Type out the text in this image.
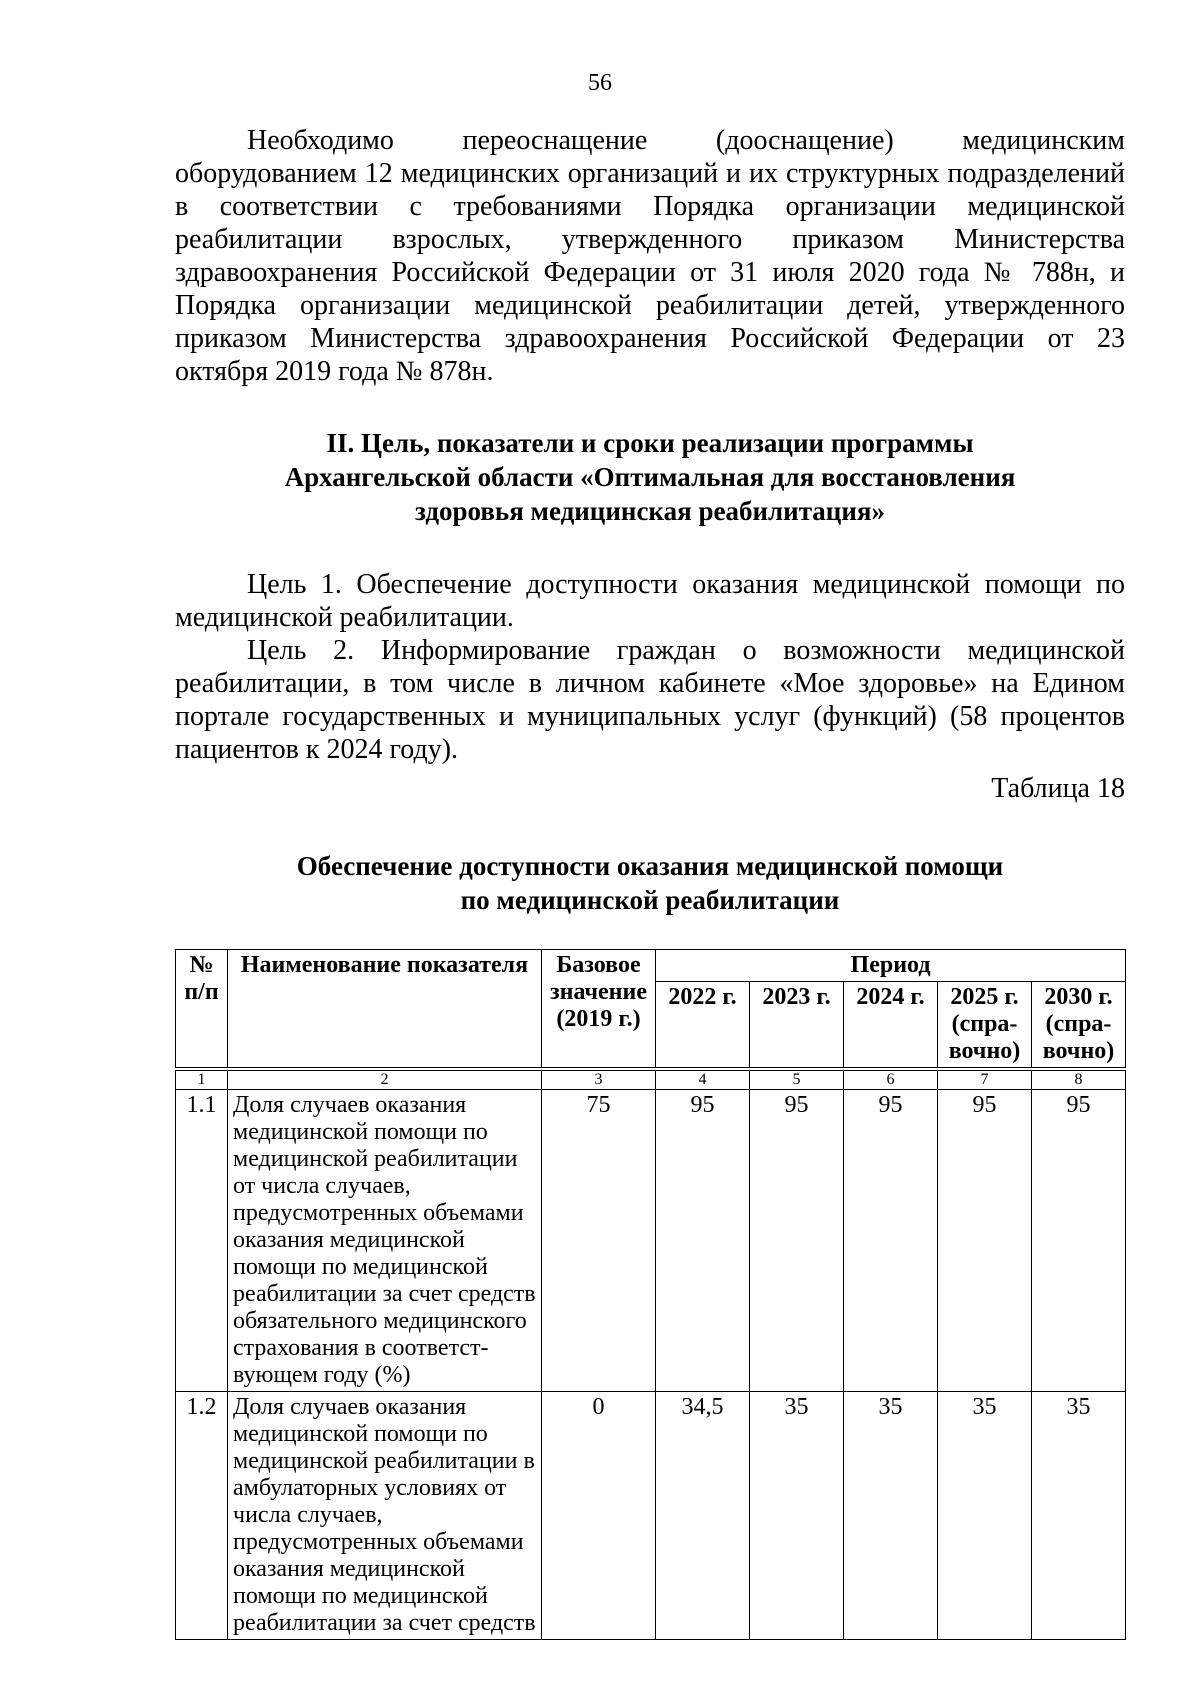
56

Необходимо переоснащение (дооснащение) медицинским оборудованием 12 медицинских организаций и их структурных подразделений в соответствии с требованиями Порядка организации медицинской реабилитации взрослых, утвержденного приказом Министерства здравоохранения Российской Федерации от 31 июля 2020 года № 788н, и Порядка организации медицинской реабилитации детей, утвержденного приказом Министерства здравоохранения Российской Федерации от 23 октября 2019 года № 878н.

II. Цель, показатели и сроки реализации программы
Архангельской области «Оптимальная для восстановления
здоровья медицинская реабилитация»

Цель 1. Обеспечение доступности оказания медицинской помощи по медицинской реабилитации.

Цель 2. Информирование граждан о возможности медицинской реабилитации, в том числе в личном кабинете «Мое здоровье» на Едином портале государственных и муниципальных услуг (функций) (58 процентов пациентов к 2024 году).

Таблица 18

Обеспечение доступности оказания медицинской помощи
по медицинской реабилитации
№ п/п	Наименование показателя	Базовое значение (2019 г.)	Период				
			2022 г.	2023 г.	2024 г.	2025 г. (спра-вочно)	2030 г. (спра-вочно)
1	2	3	4	5	6	7	8
1.1	Доля случаев оказания медицинской помощи по медицинской реабилитации от числа случаев, предусмотренных объемами оказания медицинской помощи по медицинской реабилитации за счет средств обязательного медицинского страхования в соответст-вующем году (%)	75	95	95	95	95	95
1.2	Доля случаев оказания медицинской помощи по медицинской реабилитации в амбулаторных условиях от числа случаев, предусмотренных объемами оказания медицинской помощи по медицинской реабилитации за счет средств	0	34,5	35	35	35	35
